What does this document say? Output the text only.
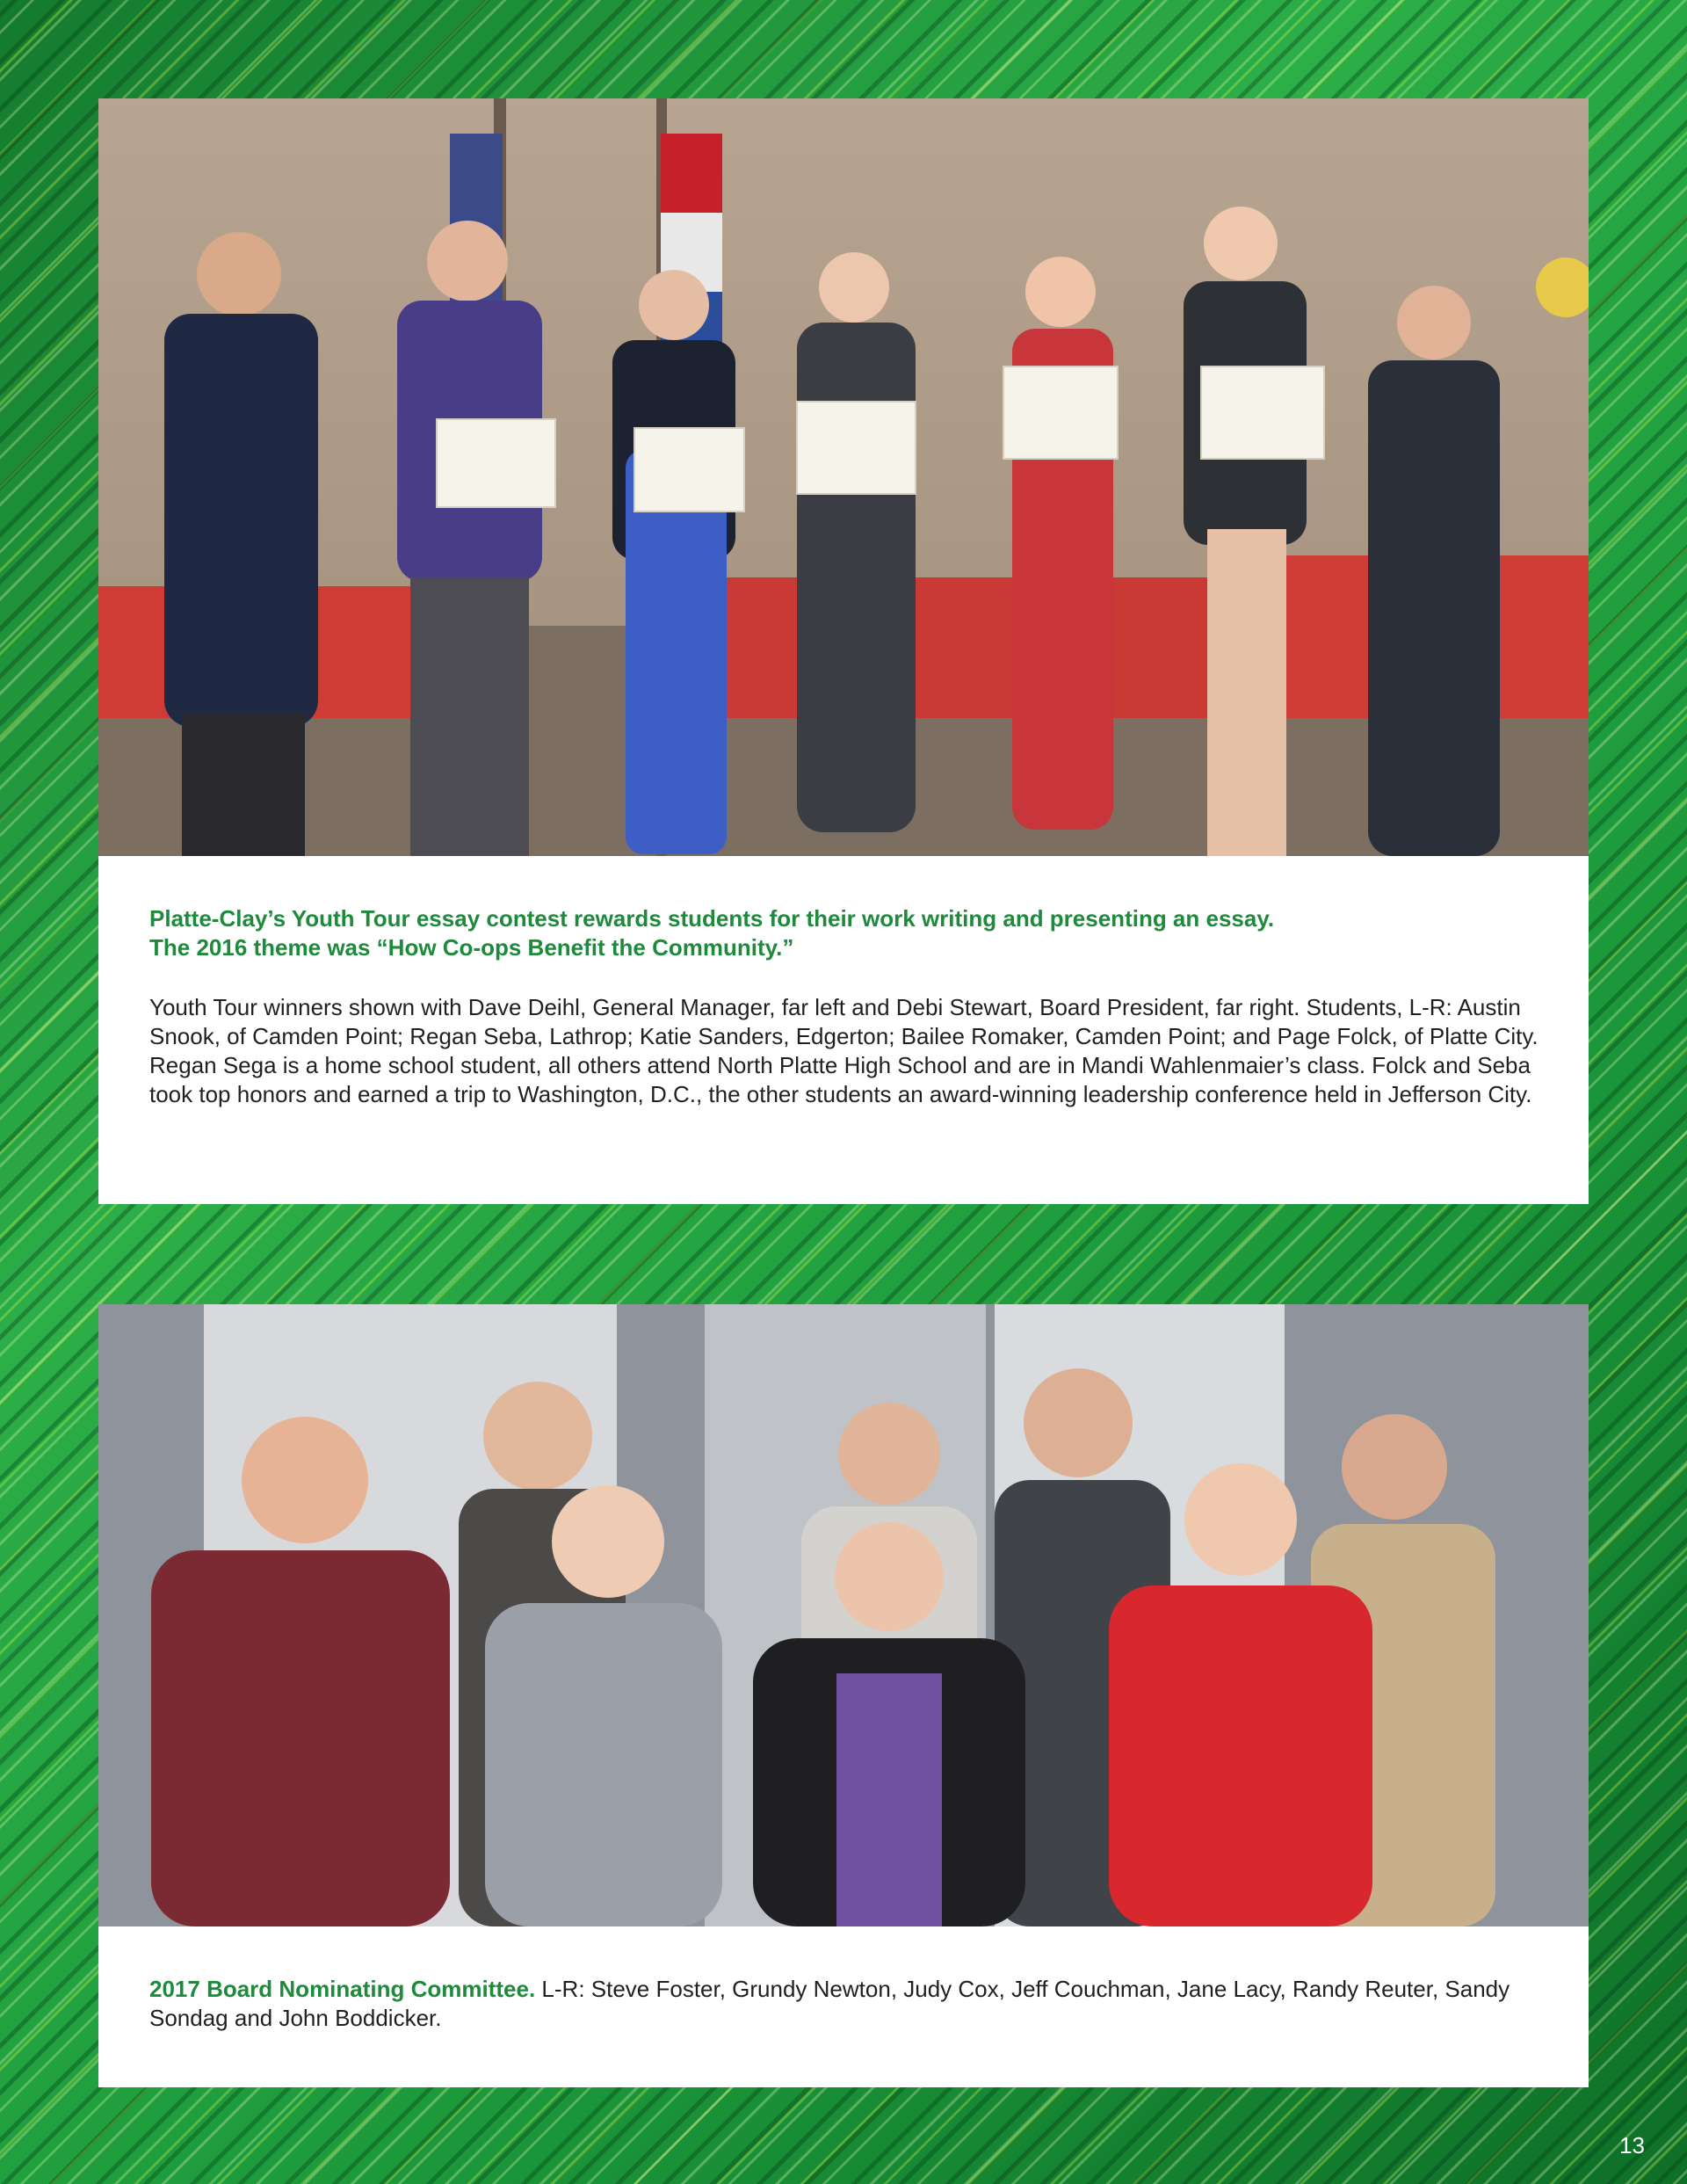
Platte-Clay’s Youth Tour essay contest rewards students for their work writing and presenting an essay.
The 2016 theme was “How Co-ops Benefit the Community.”
Youth Tour winners shown with Dave Deihl, General Manager, far left and Debi Stewart, Board President, far right. Students, L-R: Austin Snook, of Camden Point; Regan Seba, Lathrop; Katie Sanders, Edgerton; Bailee Romaker, Camden Point; and Page Folck, of Platte City. Regan Sega is a home school student, all others attend North Platte High School and are in Mandi Wahlenmaier’s class. Folck and Seba took top honors and earned a trip to Washington, D.C., the other students an award-winning leadership conference held in Jefferson City.
2017 Board Nominating Committee. L-R: Steve Foster, Grundy Newton, Judy Cox, Jeff Couchman, Jane Lacy, Randy Reuter, Sandy Sondag and John Boddicker.
13
